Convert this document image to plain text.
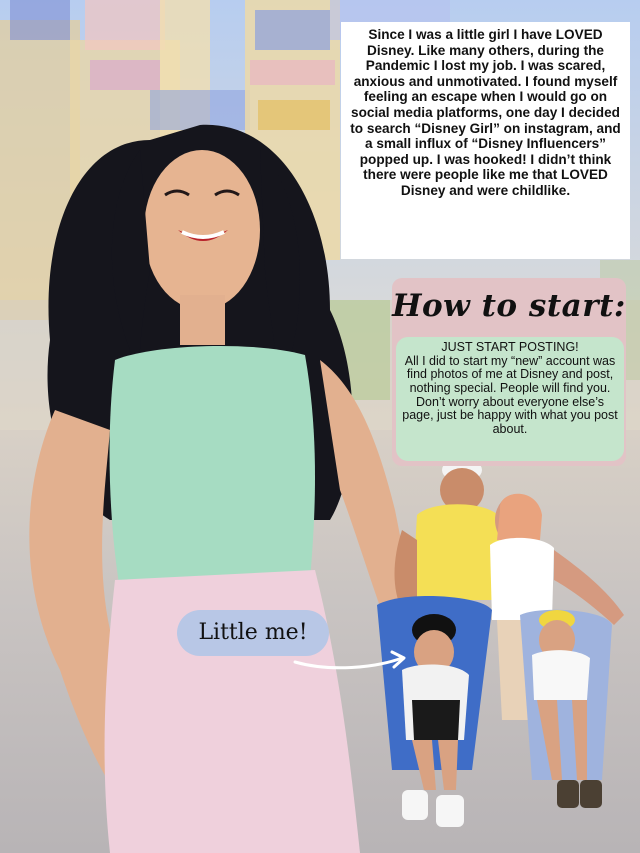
Since I was a little girl I have LOVED Disney. Like many others, during the Pandemic I lost my job. I was scared, anxious and unmotivated. I found myself feeling an escape when I would go on social media platforms, one day I decided to search “Disney Girl” on instagram, and a small influx of “Disney Influencers” popped up. I was hooked! I didn’t think there were people like me that LOVED Disney and were childlike.

How to start:

JUST START POSTING!

All I did to start my “new” account was find photos of me at Disney and post, nothing special. People will find you. Don’t worry about everyone else’s page, just be happy with what you post about.

Little me!
